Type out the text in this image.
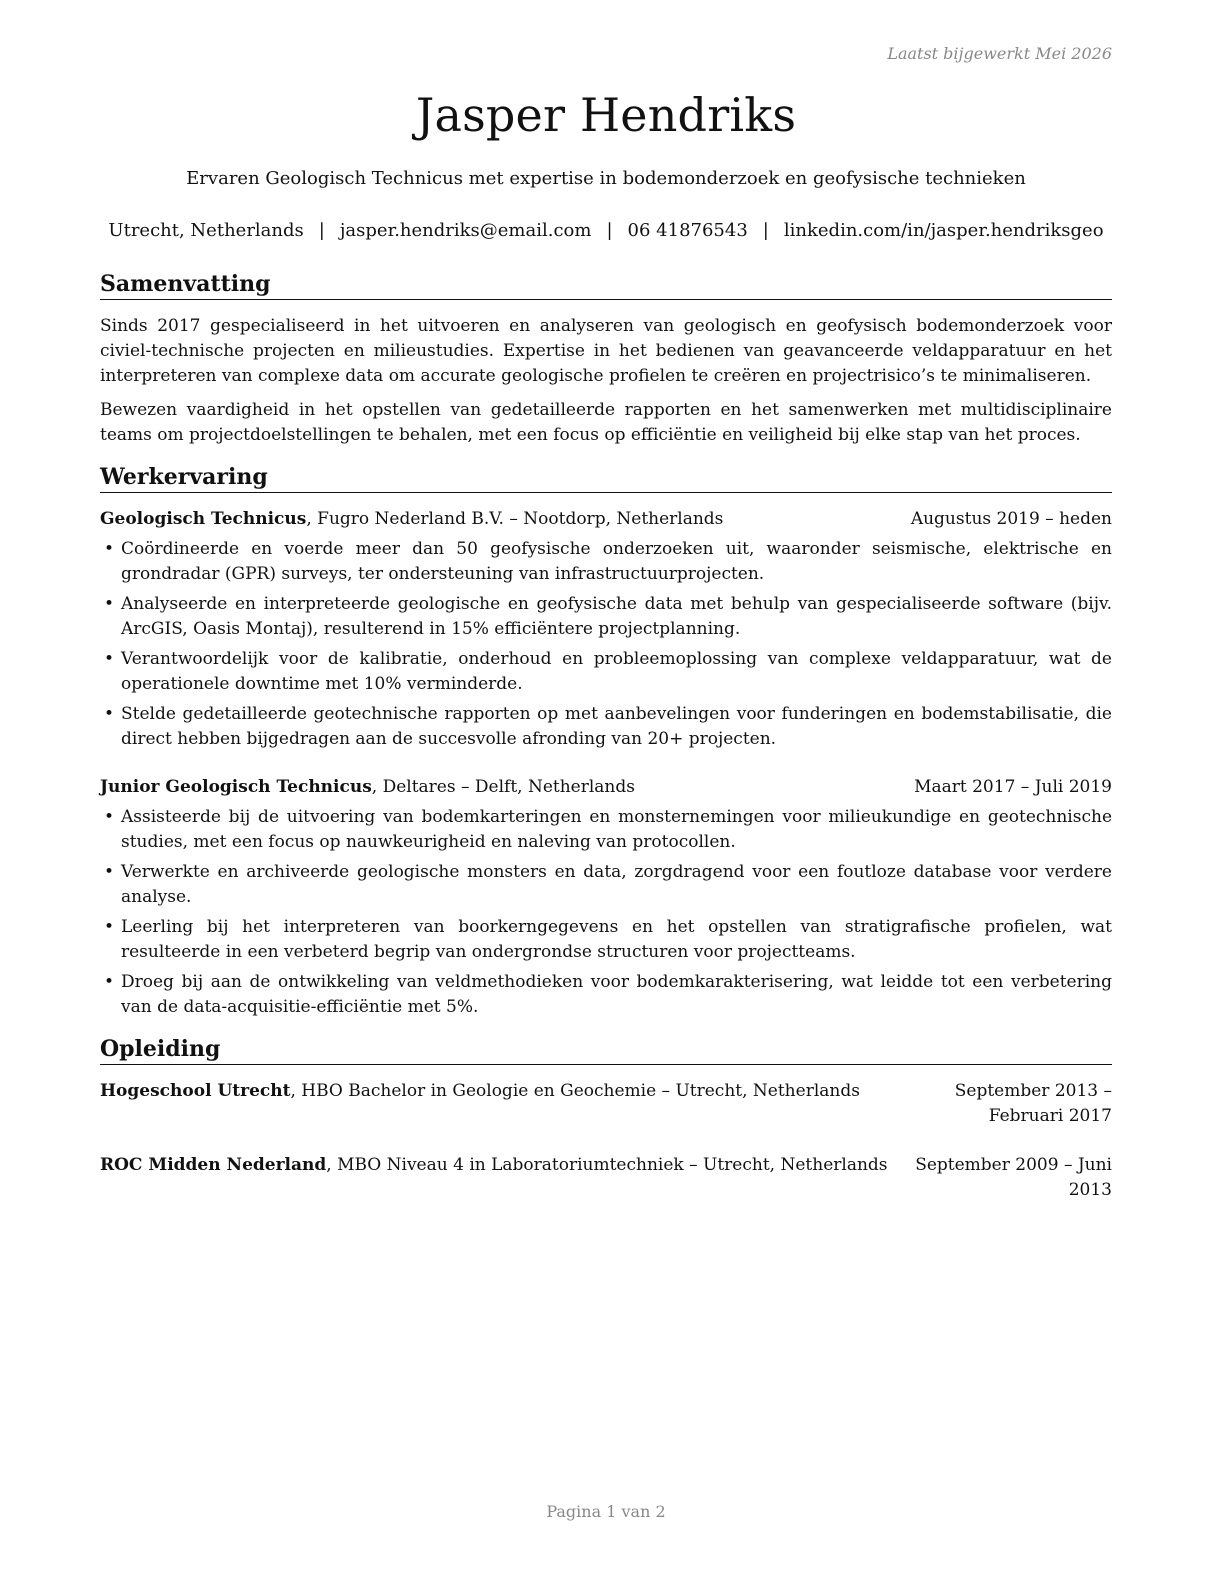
Laatst bijgewerkt Mei 2026
Jasper Hendriks
Ervaren Geologisch Technicus met expertise in bodemonderzoek en geofysische technieken
Utrecht, Netherlands | jasper.hendriks@email.com | 06 41876543 | linkedin.com/in/jasper.hendriksgeo
Samenvatting
Sinds 2017 gespecialiseerd in het uitvoeren en analyseren van geologisch en geofysisch bodemonderzoek voor civiel-technische projecten en milieustudies. Expertise in het bedienen van geavanceerde veldapparatuur en het interpreteren van complexe data om accurate geologische profielen te creëren en projectrisico’s te minimaliseren.
Bewezen vaardigheid in het opstellen van gedetailleerde rapporten en het samenwerken met multidisciplinaire teams om projectdoelstellingen te behalen, met een focus op efficiëntie en veiligheid bij elke stap van het proces.
Werkervaring
Geologisch Technicus, Fugro Nederland B.V. – Nootdorp, Netherlands	Augustus 2019 – heden
• Coördineerde en voerde meer dan 50 geofysische onderzoeken uit, waaronder seismische, elektrische en grondradar (GPR) surveys, ter ondersteuning van infrastructuurprojecten.
• Analyseerde en interpreteerde geologische en geofysische data met behulp van gespecialiseerde software (bijv. ArcGIS, Oasis Montaj), resulterend in 15% efficiëntere projectplanning.
• Verantwoordelijk voor de kalibratie, onderhoud en probleemoplossing van complexe veldapparatuur, wat de operationele downtime met 10% verminderde.
• Stelde gedetailleerde geotechnische rapporten op met aanbevelingen voor funderingen en bodemstabilisatie, die direct hebben bijgedragen aan de succesvolle afronding van 20+ projecten.
Junior Geologisch Technicus, Deltares – Delft, Netherlands	Maart 2017 – Juli 2019
• Assisteerde bij de uitvoering van bodemkarteringen en monsternemingen voor milieukundige en geotechnische studies, met een focus op nauwkeurigheid en naleving van protocollen.
• Verwerkte en archiveerde geologische monsters en data, zorgdragend voor een foutloze database voor verdere analyse.
• Leerling bij het interpreteren van boorkerngegevens en het opstellen van stratigrafische profielen, wat resulteerde in een verbeterd begrip van ondergrondse structuren voor projectteams.
• Droeg bij aan de ontwikkeling van veldmethodieken voor bodemkarakterisering, wat leidde tot een verbetering van de data-acquisitie-efficiëntie met 5%.
Opleiding
Hogeschool Utrecht, HBO Bachelor in Geologie en Geochemie – Utrecht, Netherlands	September 2013 – Februari 2017
ROC Midden Nederland, MBO Niveau 4 in Laboratoriumtechniek – Utrecht, Netherlands	September 2009 – Juni 2013
Pagina 1 van 2
